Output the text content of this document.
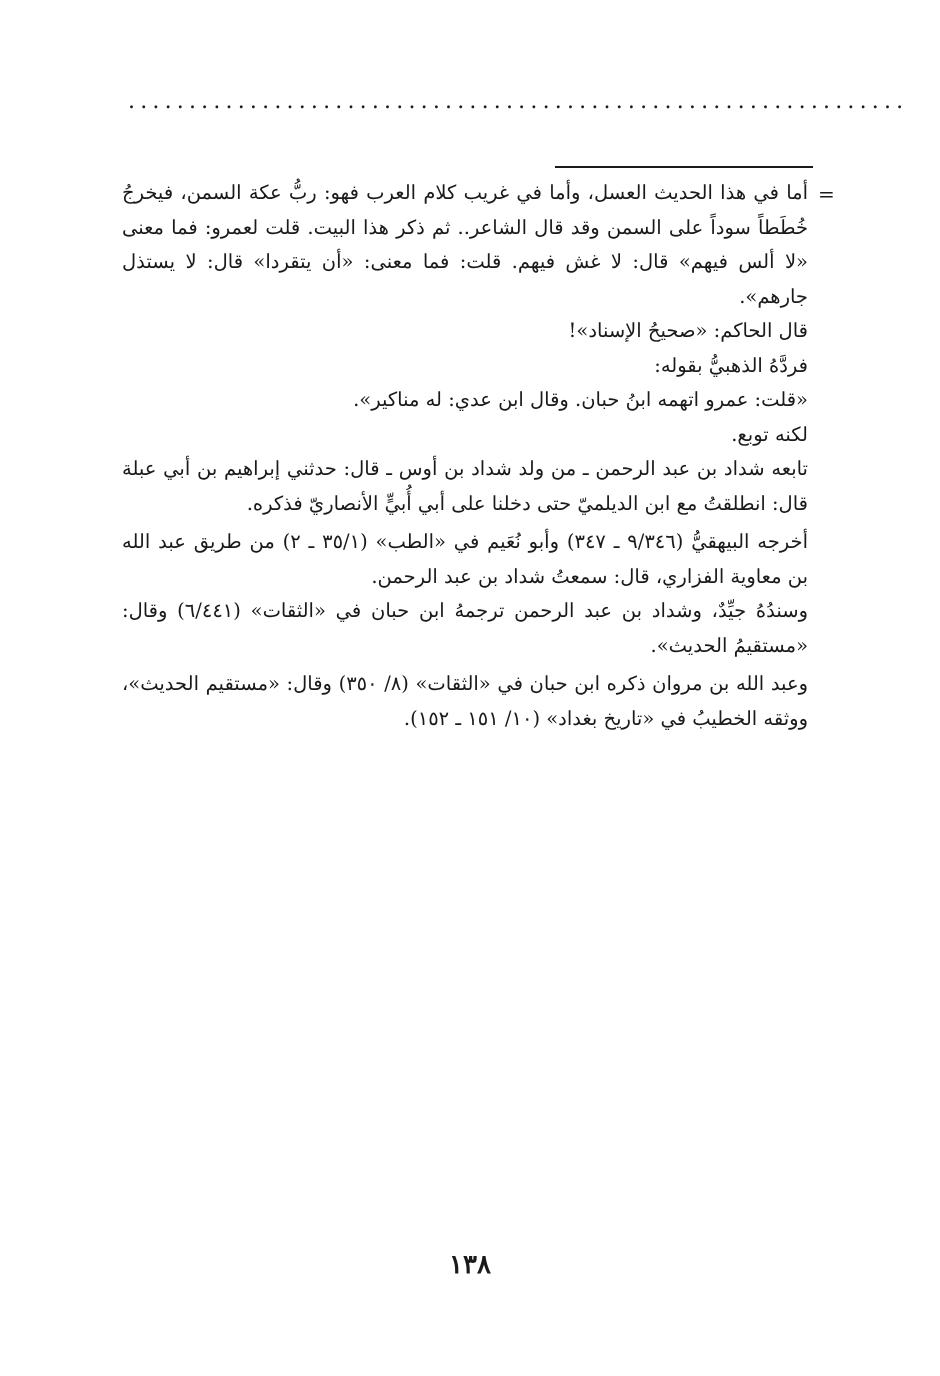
................................................................
=

أما في هذا الحديث العسل، وأما في غريب كلام العرب فهو: ربُّ عكة السمن، فيخرجُ خُطَطاً سوداً على السمن وقد قال الشاعر.. ثم ذكر هذا البيت. قلت لعمرو: فما معنى «لا ألس فيهم» قال: لا غش فيهم. قلت: فما معنى: «أن يتقردا» قال: لا يستذل جارهم».

قال الحاكم: «صحيحُ الإسناد»!

فردَّهُ الذهبيُّ بقوله:

«قلت: عمرو اتهمه ابنُ حبان. وقال ابن عدي: له مناكير».

لكنه توبع.

تابعه شداد بن عبد الرحمن ـ من ولد شداد بن أوس ـ قال: حدثني إبراهيم بن أبي عبلة قال: انطلقتُ مع ابن الديلميّ حتى دخلنا على أبي أُبيٍّ الأنصاريّ فذكره.

أخرجه البيهقيُّ (٩/٣٤٦ ـ ٣٤٧) وأبو نُعَيم في «الطب» (٣٥/١ ـ ٢) من طريق عبد الله بن معاوية الفزاري، قال: سمعتُ شداد بن عبد الرحمن.

وسندُهُ جيِّدٌ، وشداد بن عبد الرحمن ترجمهُ ابن حبان في «الثقات» (٦/٤٤١) وقال: «مستقيمُ الحديث».

وعبد الله بن مروان ذكره ابن حبان في «الثقات» (٨/ ٣٥٠) وقال: «مستقيم الحديث»، ووثقه الخطيبُ في «تاريخ بغداد» (١٠/ ١٥١ ـ ١٥٢).

١٣٨
